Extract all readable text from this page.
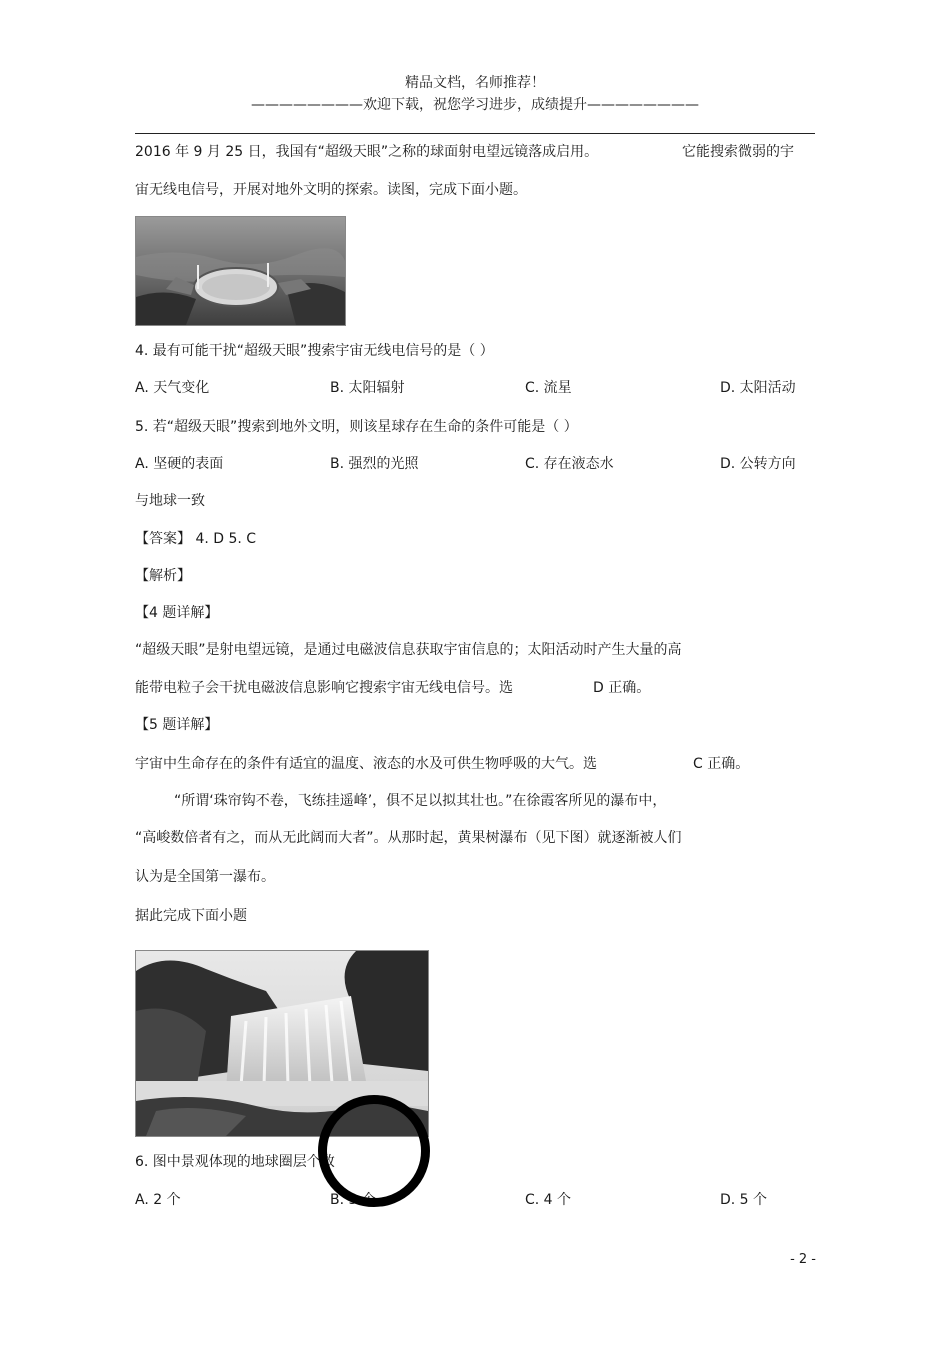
精品文档，名师推荐！
————————欢迎下载，祝您学习进步，成绩提升————————
2016 年 9 月 25 日，我国有“超级天眼”之称的球面射电望远镜落成启用。	它能搜索微弱的宇
宙无线电信号，开展对地外文明的探索。读图，完成下面小题。
4. 最有可能干扰“超级天眼”搜索宇宙无线电信号的是（ ）
A. 天气变化	B. 太阳辐射	C. 流星	D. 太阳活动
5. 若“超级天眼”搜索到地外文明，则该星球存在生命的条件可能是（ ）
A. 坚硬的表面	B. 强烈的光照	C. 存在液态水	D. 公转方向
与地球一致
【答案】 4. D 5. C
【解析】
【4 题详解】
“超级天眼”是射电望远镜，是通过电磁波信息获取宇宙信息的；太阳活动时产生大量的高
能带电粒子会干扰电磁波信息影响它搜索宇宙无线电信号。选	D 正确。
【5 题详解】
宇宙中生命存在的条件有适宜的温度、液态的水及可供生物呼吸的大气。选	C 正确。
“所谓‘珠帘钩不卷，飞练挂遥峰’，俱不足以拟其壮也。”在徐霞客所见的瀑布中，
“高峻数倍者有之，而从无此阔而大者”。从那时起，黄果树瀑布（见下图）就逐渐被人们
认为是全国第一瀑布。
据此完成下面小题
6. 图中景观体现的地球圈层个数
A. 2 个	B. 3 个	C. 4 个	D. 5 个
- 2 -
